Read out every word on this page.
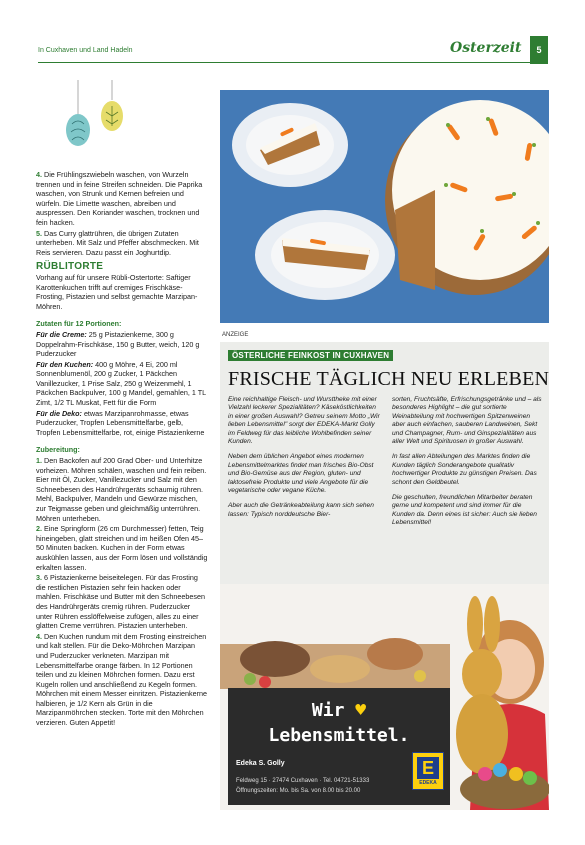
In Cuxhaven und Land Hadeln	Osterzeit	5

4. Die Frühlingszwiebeln waschen, von Wurzeln trennen und in feine Streifen schneiden. Die Paprika waschen, von Strunk und Kernen befreien und würfeln. Die Limette waschen, abreiben und auspressen. Den Koriander waschen, trocknen und fein hacken.

5. Das Curry glattrühren, die übrigen Zutaten unterheben. Mit Salz und Pfeffer abschmecken. Mit Reis servieren. Dazu passt ein Joghurtdip.

RÜBLITORTE

Vorhang auf für unsere Rübli-Ostertorte: Saftiger Karottenkuchen trifft auf cremiges Frischkäse-Frosting, Pistazien und selbst gemachte Marzipan-Möhren.

Zutaten für 12 Portionen:

Für die Creme: 25 g Pistazienkerne, 300 g Doppelrahm-Frischkäse, 150 g Butter, weich, 120 g Puderzucker

Für den Kuchen: 400 g Möhre, 4 Ei, 200 ml Sonnenblumenöl, 200 g Zucker, 1 Päckchen Vanillezucker, 1 Prise Salz, 250 g Weizenmehl, 1 Päckchen Backpulver, 100 g Mandel, gemahlen, 1 TL Zimt, 1/2 TL Muskat, Fett für die Form

Für die Deko: etwas Marzipanrohmasse, etwas Puderzucker, Tropfen Lebensmittelfarbe, gelb, Tropfen Lebensmittelfarbe, rot, einige Pistazienkerne

Zubereitung:

1. Den Backofen auf 200 Grad Ober- und Unterhitze vorheizen. Möhren schälen, waschen und fein reiben. Eier mit Öl, Zucker, Vanillezucker und Salz mit den Schneebesen des Handrührgeräts schaumig rühren. Mehl, Backpulver, Mandeln und Gewürze mischen, zur Teigmasse geben und gleichmäßig unterrühren. Möhren unterheben.

2. Eine Springform (26 cm Durchmesser) fetten, Teig hineingeben, glatt streichen und im heißen Ofen 45–50 Minuten backen. Kuchen in der Form etwas auskühlen lassen, aus der Form lösen und vollständig erkalten lassen.

3. 6 Pistazienkerne beiseitelegen. Für das Frosting die restlichen Pistazien sehr fein hacken oder mahlen. Frischkäse und Butter mit den Schneebesen des Handrührgeräts cremig rühren. Puderzucker unter Rühren esslöffelweise zufügen, alles zu einer glatten Creme verrühren. Pistazien unterheben.

4. Den Kuchen rundum mit dem Frosting einstreichen und kalt stellen. Für die Deko-Möhrchen Marzipan und Puderzucker verkneten. Marzipan mit Lebensmittelfarbe orange färben. In 12 Portionen teilen und zu kleinen Möhrchen formen. Dazu erst Kugeln rollen und anschließend zu Kegeln formen. Möhrchen mit einem Messer einritzen. Pistazienkerne halbieren, je 1/2 Kern als Grün in die Marzipanmöhrchen stecken. Torte mit den Möhrchen verzieren. Guten Appetit!

ANZEIGE
ÖSTERLICHE FEINKOST IN CUXHAVEN
FRISCHE TÄGLICH NEU ERLEBEN

Eine reichhaltige Fleisch- und Wursttheke mit einer Vielzahl leckerer Spezialitäten? Käseköstlichkeiten in einer großen Auswahl? Getreu seinem Motto „Wir lieben Lebensmittel" sorgt der EDEKA-Markt Golly im Feldweg für das leibliche Wohlbefinden seiner Kunden.

Neben dem üblichen Angebot eines modernen Lebensmittelmarktes findet man frisches Bio-Obst und Bio-Gemüse aus der Region, gluten- und laktosefreie Produkte und viele Angebote für die vegetarische oder vegane Küche.

Aber auch die Getränkeabteilung kann sich sehen lassen: Typisch norddeutsche Bier-

sorten, Fruchtsäfte, Erfrischungsgetränke und – als besonderes Highlight – die gut sortierte Weinabteilung mit hochwertigen Spitzenweinen aber auch einfachen, sauberen Landweinen, Sekt und Champagner, Rum- und Ginspezialitäten aus aller Welt und Spirituosen in großer Auswahl.

In fast allen Abteilungen des Marktes finden die Kunden täglich Sonderangebote qualitativ hochwertiger Produkte zu günstigen Preisen. Das schont den Geldbeutel.

Die geschulten, freundlichen Mitarbeiter beraten gerne und kompetent und sind immer für die Kunden da. Denn eines ist sicher: Auch sie lieben Lebensmittel!

Wir ♥
Lebensmittel.
Edeka S. Golly
Feldweg 15 · 27474 Cuxhaven · Tel. 04721-51333
Öffnungszeiten: Mo. bis Sa. von 8.00 bis 20.00
E
EDEKA
